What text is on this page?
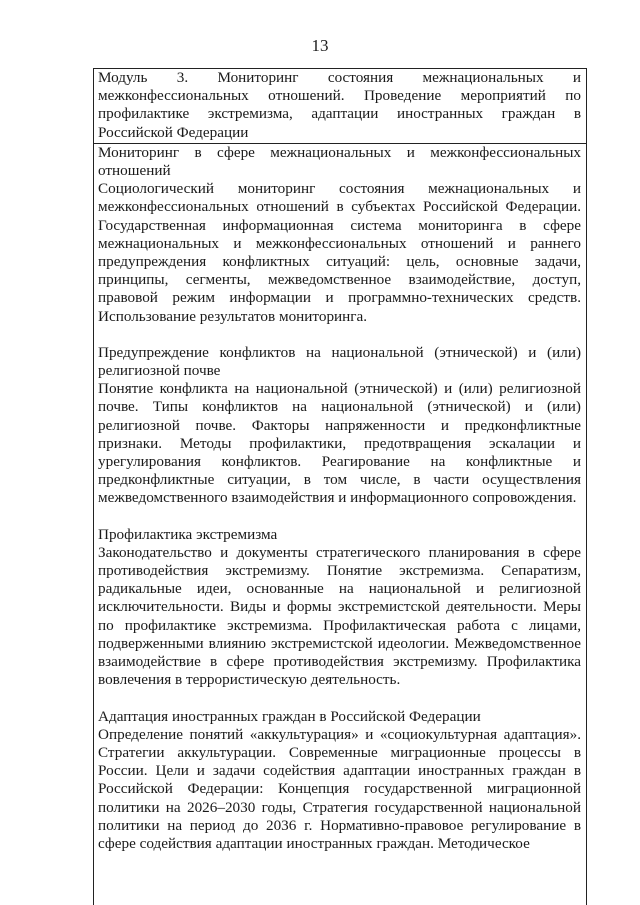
13

Модуль 3. Мониторинг состояния межнациональных и межконфессиональных отношений. Проведение мероприятий по профилактике экстремизма, адаптации иностранных граждан в Российской Федерации

Мониторинг в сфере межнациональных и межконфессиональных отношений

Социологический мониторинг состояния межнациональных и межконфессиональных отношений в субъектах Российской Федерации. Государственная информационная система мониторинга в сфере межнациональных и межконфессиональных отношений и раннего предупреждения конфликтных ситуаций: цель, основные задачи, принципы, сегменты, межведомственное взаимодействие, доступ, правовой режим информации и программно-технических средств. Использование результатов мониторинга.

Предупреждение конфликтов на национальной (этнической) и (или) религиозной почве

Понятие конфликта на национальной (этнической) и (или) религиозной почве. Типы конфликтов на национальной (этнической) и (или) религиозной почве. Факторы напряженности и предконфликтные признаки. Методы профилактики, предотвращения эскалации и урегулирования конфликтов. Реагирование на конфликтные и предконфликтные ситуации, в том числе, в части осуществления межведомственного взаимодействия и информационного сопровождения.

Профилактика экстремизма

Законодательство и документы стратегического планирования в сфере противодействия экстремизму. Понятие экстремизма. Сепаратизм, радикальные идеи, основанные на национальной и религиозной исключительности. Виды и формы экстремистской деятельности. Меры по профилактике экстремизма. Профилактическая работа с лицами, подверженными влиянию экстремистской идеологии. Межведомственное взаимодействие в сфере противодействия экстремизму. Профилактика вовлечения в террористическую деятельность.

Адаптация иностранных граждан в Российской Федерации

Определение понятий «аккультурация» и «социокультурная адаптация». Стратегии аккультурации. Современные миграционные процессы в России. Цели и задачи содействия адаптации иностранных граждан в Российской Федерации: Концепция государственной миграционной политики на 2026–2030 годы, Стратегия государственной национальной политики на период до 2036 г. Нормативно-правовое регулирование в сфере содействия адаптации иностранных граждан. Методическое
